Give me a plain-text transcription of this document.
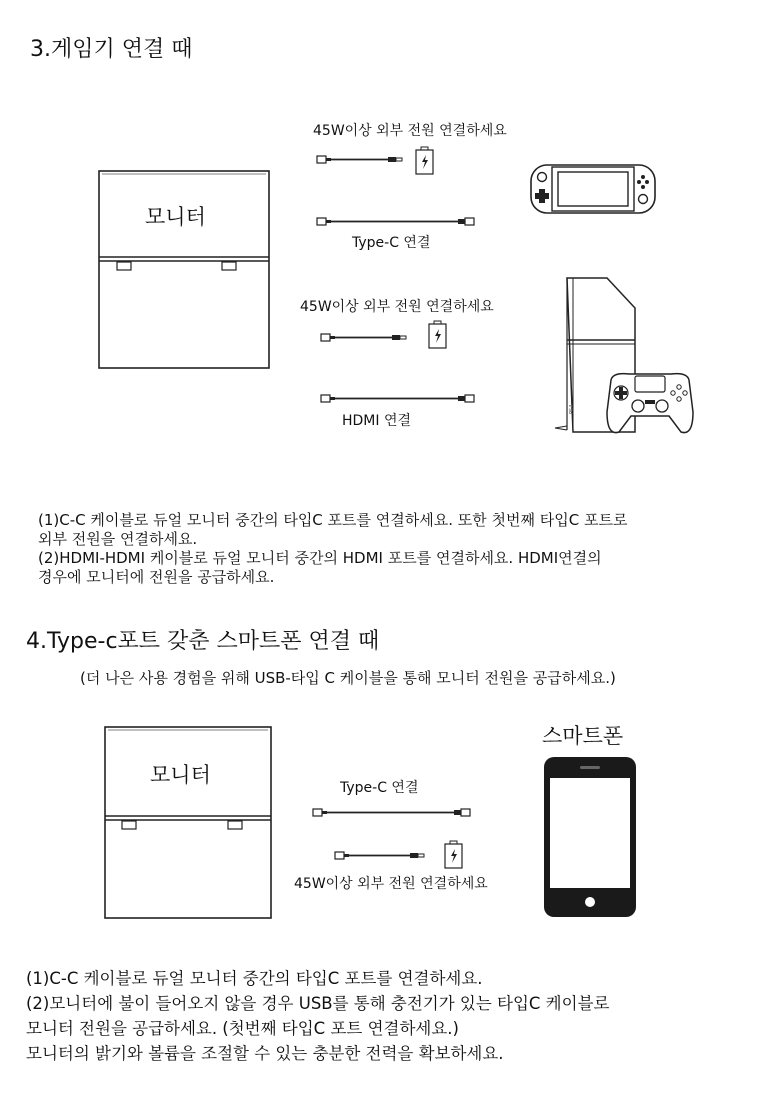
3.게임기 연결 때
모니터
45W이상 외부 전원 연결하세요
Type-C 연결
45W이상 외부 전원 연결하세요
HDMI 연결
PS4
(1)C-C 케이블로 듀얼 모니터 중간의 타입C 포트를 연결하세요. 또한 첫번째 타입C 포트로
외부 전원을 연결하세요.
(2)HDMI-HDMI 케이블로 듀얼 모니터 중간의 HDMI 포트를 연결하세요. HDMI연결의
경우에 모니터에 전원을 공급하세요.
4.Type-c포트 갖춘 스마트폰 연결 때
(더 나은 사용 경험을 위해 USB-타입 C 케이블을 통해 모니터 전원을 공급하세요.)
모니터
Type-C 연결
45W이상 외부 전원 연결하세요
스마트폰
(1)C-C 케이블로 듀얼 모니터 중간의 타입C 포트를 연결하세요.
(2)모니터에 불이 들어오지 않을 경우 USB를 통해 충전기가 있는 타입C 케이블로
모니터 전원을 공급하세요. (첫번째 타입C 포트 연결하세요.)
모니터의 밝기와 볼륨을 조절할 수 있는 충분한 전력을 확보하세요.
